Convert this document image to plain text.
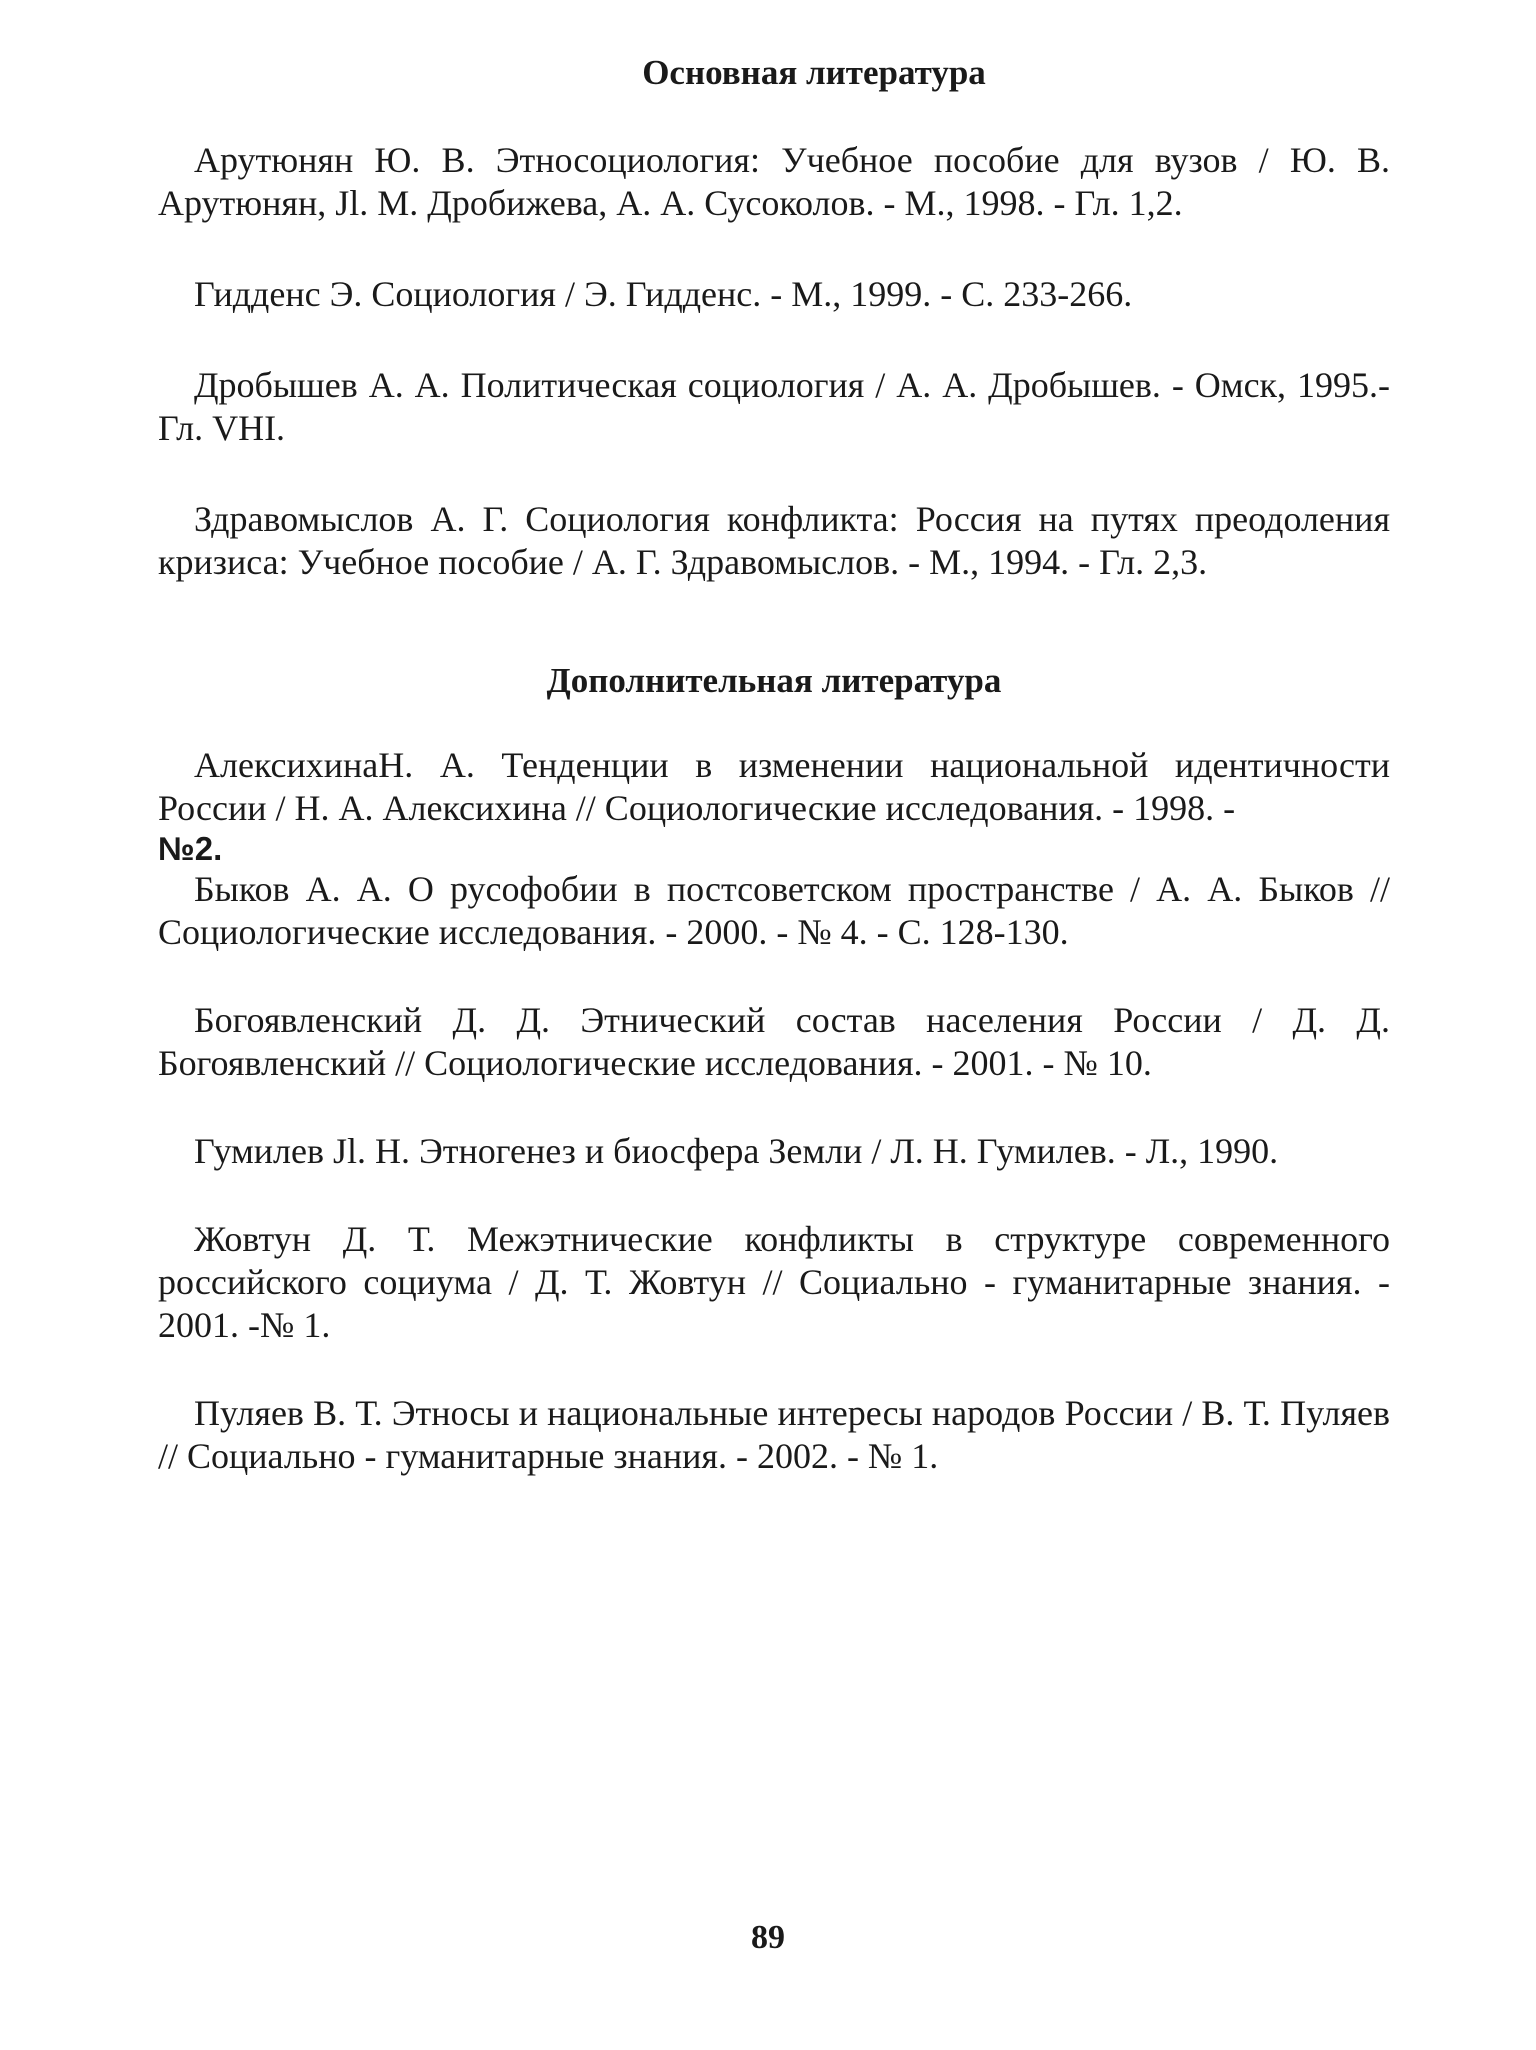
Основная литература

Арутюнян Ю. В. Этносоциология: Учебное пособие для вузов / Ю. В. Арутюнян, Jl. М. Дробижева, А. А. Сусоколов. - М., 1998. - Гл. 1,2.

Гидденс Э. Социология / Э. Гидденс. - М., 1999. - С. 233-266.

Дробышев А. А. Политическая социология / А. А. Дробышев. - Омск, 1995.- Гл. VHI.

Здравомыслов А. Г. Социология конфликта: Россия на путях преодоления кризиса: Учебное пособие / А. Г. Здравомыслов. - М., 1994. - Гл. 2,3.

Дополнительная литература

АлексихинаН. А. Тенденции в изменении национальной идентичности России / Н. А. Алексихина // Социологические исследования. - 1998. -

№2.

Быков А. А. О русофобии в постсоветском пространстве / А. А. Быков // Социологические исследования. - 2000. - № 4. - С. 128-130.

Богоявленский Д. Д. Этнический состав населения России / Д. Д. Богоявленский // Социологические исследования. - 2001. - № 10.

Гумилев Jl. Н. Этногенез и биосфера Земли / Л. Н. Гумилев. - Л., 1990.

Жовтун Д. Т. Межэтнические конфликты в структуре современного российского социума / Д. Т. Жовтун // Социально - гуманитарные знания. - 2001. -№ 1.

Пуляев В. Т. Этносы и национальные интересы народов России / В. Т. Пуляев // Социально - гуманитарные знания. - 2002. - № 1.

89
